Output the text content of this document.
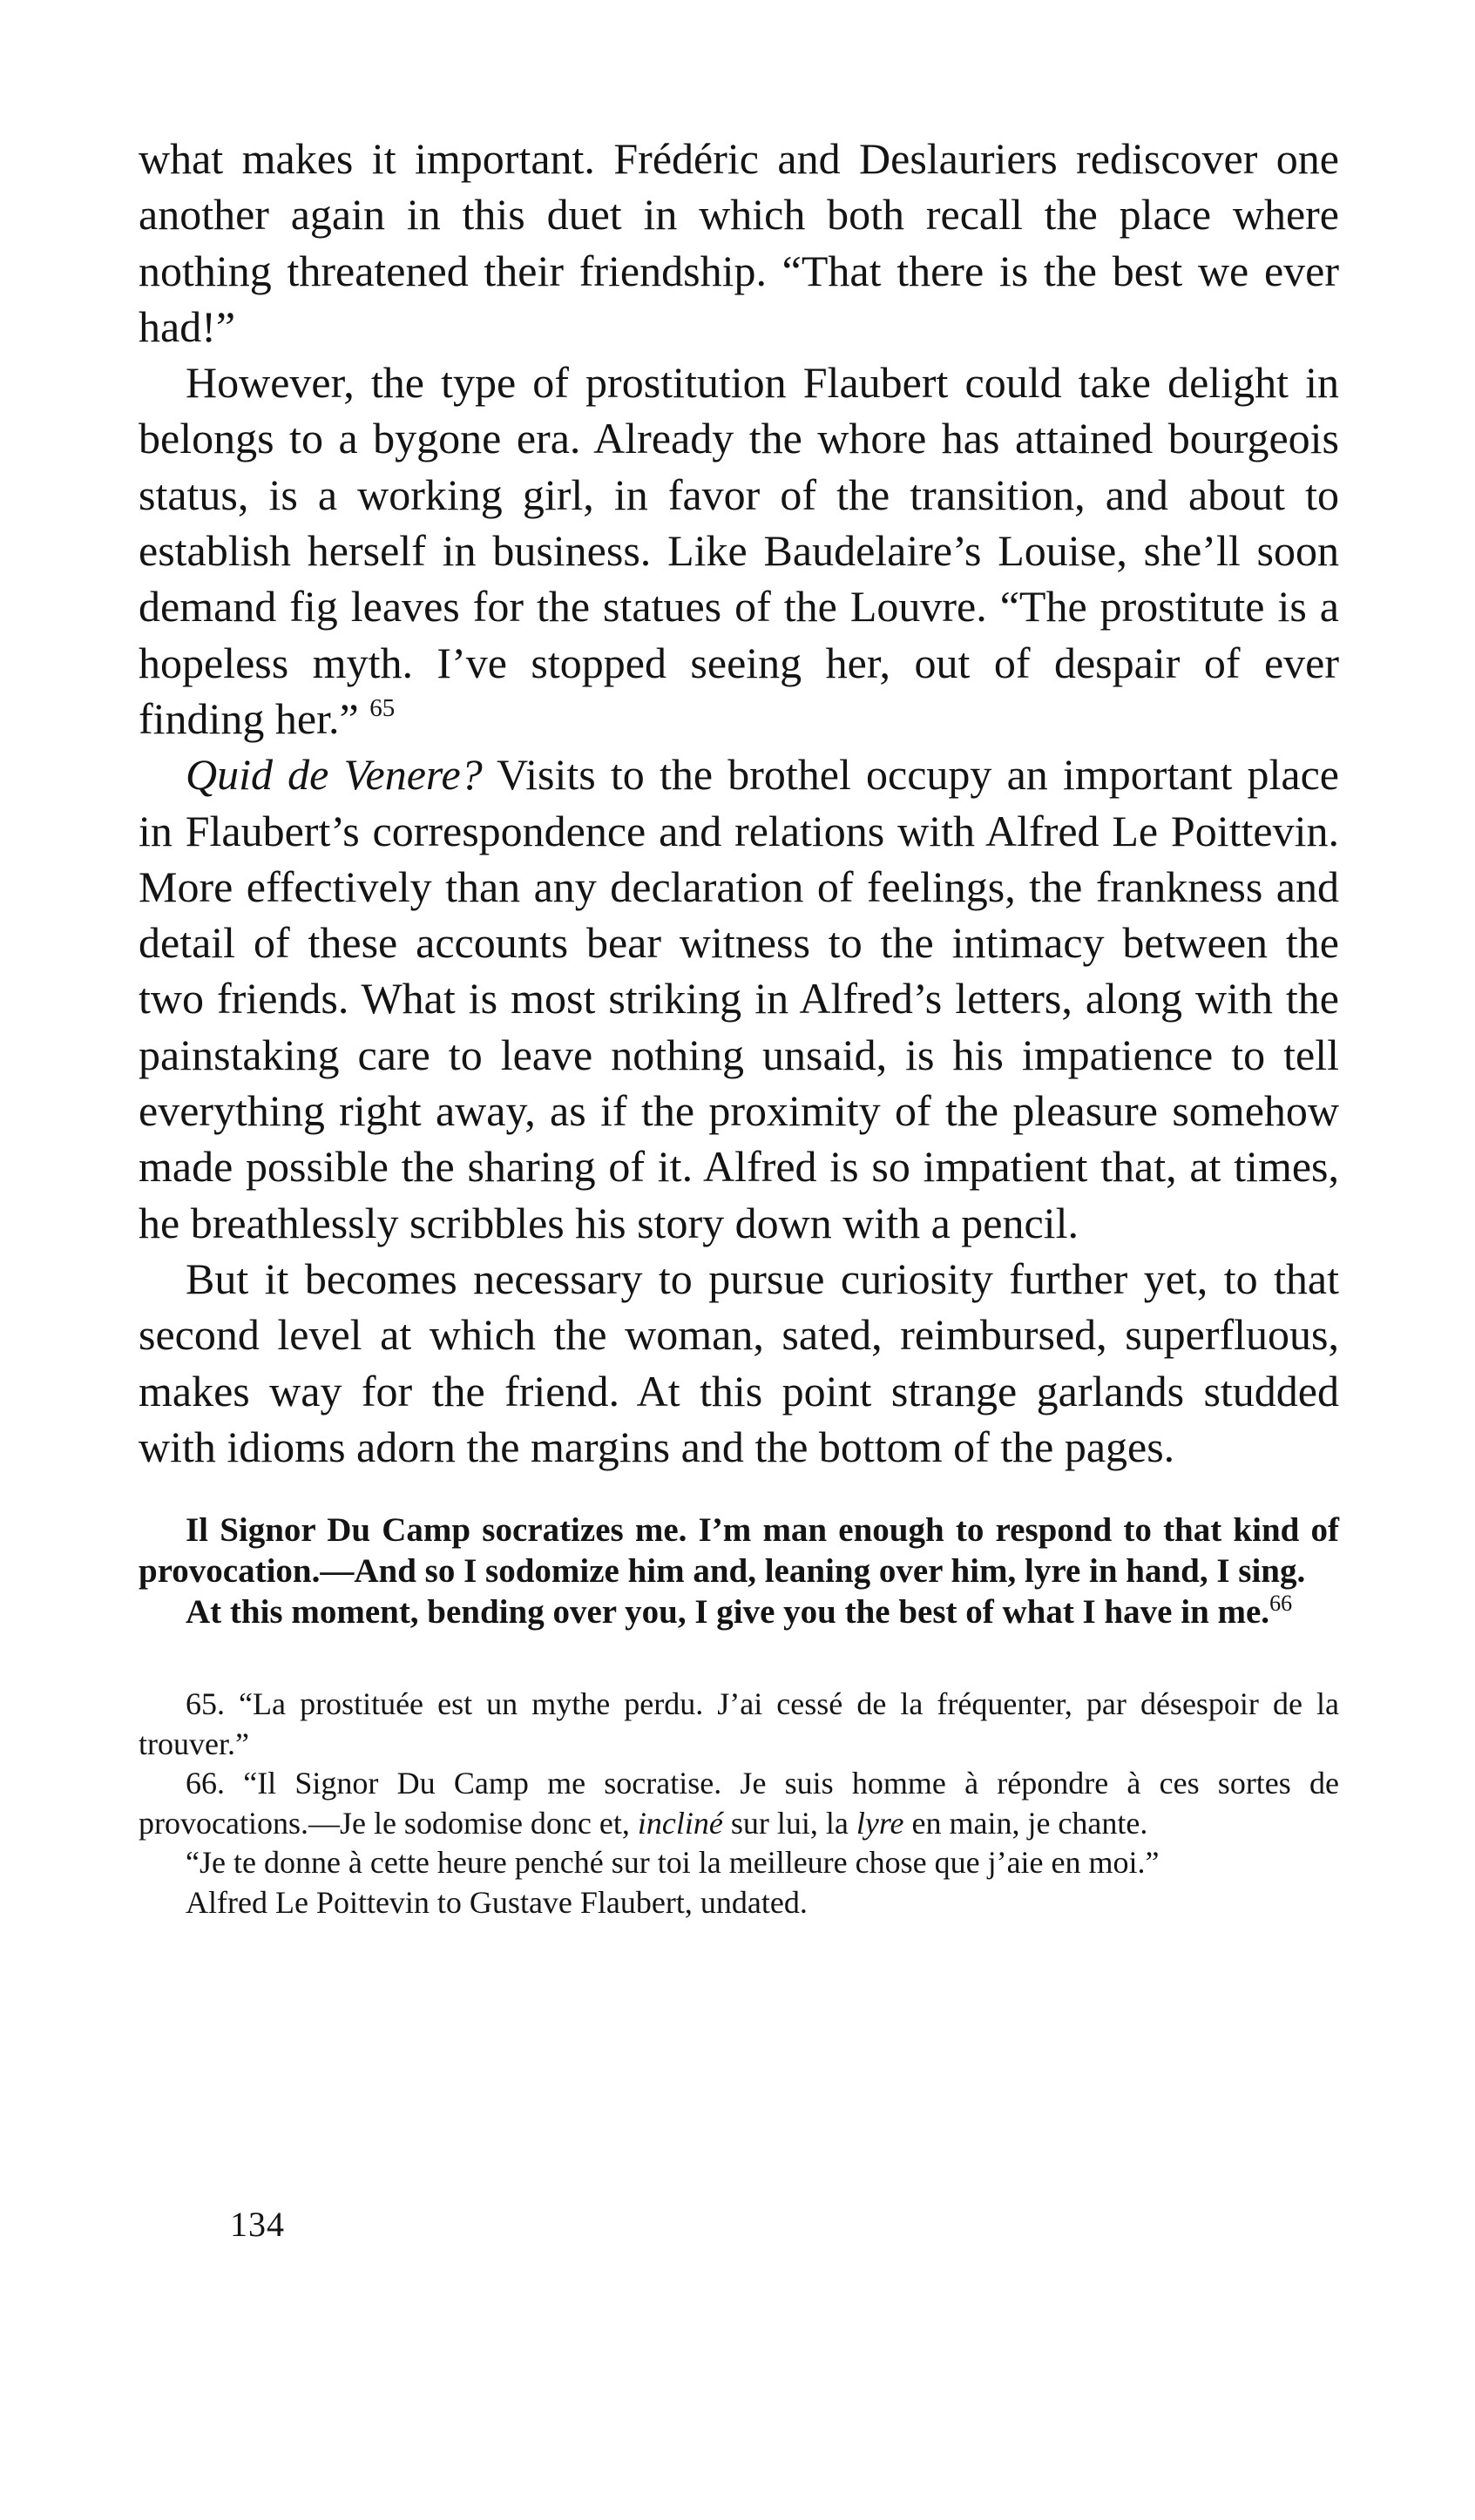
what makes it important. Frédéric and Deslauriers rediscover one another again in this duet in which both recall the place where nothing threatened their friendship. “That there is the best we ever had!”

However, the type of prostitution Flaubert could take delight in belongs to a bygone era. Already the whore has attained bourgeois status, is a working girl, in favor of the transition, and about to establish herself in business. Like Baudelaire’s Louise, she’ll soon demand fig leaves for the statues of the Louvre. “The prostitute is a hopeless myth. I’ve stopped seeing her, out of despair of ever finding her.” $^{65}$

Quid de Venere? Visits to the brothel occupy an important place in Flaubert’s correspondence and relations with Alfred Le Poittevin. More effectively than any declaration of feelings, the frankness and detail of these accounts bear witness to the intimacy between the two friends. What is most striking in Alfred’s letters, along with the painstaking care to leave nothing unsaid, is his impatience to tell everything right away, as if the proximity of the pleasure somehow made possible the sharing of it. Alfred is so impatient that, at times, he breathlessly scribbles his story down with a pencil.

But it becomes necessary to pursue curiosity further yet, to that second level at which the woman, sated, reimbursed, superfluous, makes way for the friend. At this point strange garlands studded with idioms adorn the margins and the bottom of the pages.

Il Signor Du Camp socratizes me. I’m man enough to respond to that kind of provocation.—And so I sodomize him and, leaning over him, lyre in hand, I sing.

At this moment, bending over you, I give you the best of what I have in me.$^{66}$

65. “La prostituée est un mythe perdu. J’ai cessé de la fréquenter, par désespoir de la trouver.”

66. “Il Signor Du Camp me socratise. Je suis homme à répondre à ces sortes de provocations.—Je le sodomise donc et, incliné sur lui, la lyre en main, je chante.

“Je te donne à cette heure penché sur toi la meilleure chose que j’aie en moi.”

Alfred Le Poittevin to Gustave Flaubert, undated.

134
